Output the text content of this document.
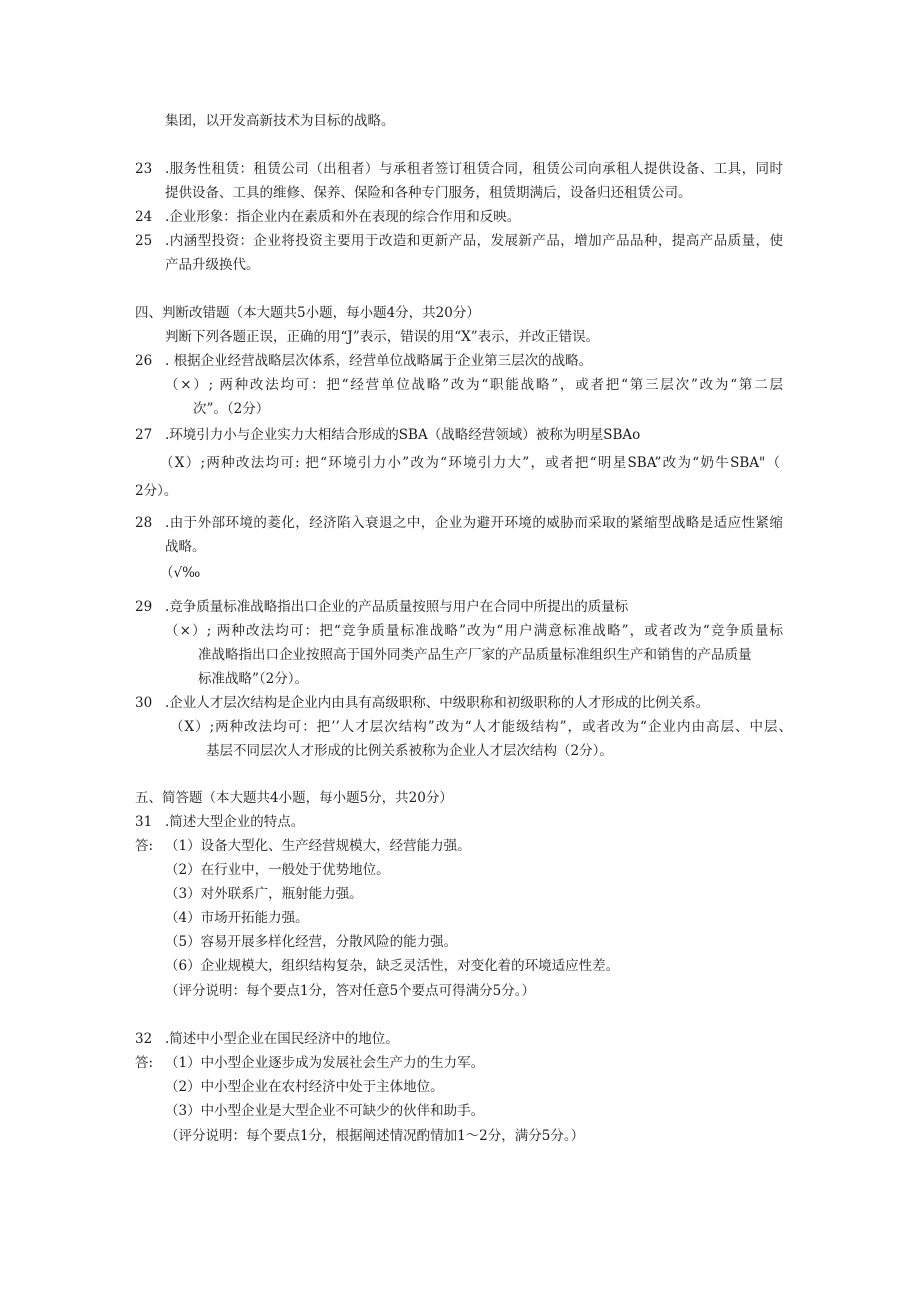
集团，以开发高新技术为目标的战略。
23 .服务性租赁：租赁公司（出租者）与承租者签订租赁合同，租赁公司向承租人提供设备、工具，同时
提供设备、工具的维修、保养、保险和各种专门服务，租赁期满后，设备归还租赁公司。
24 .企业形象：指企业内在素质和外在表现的综合作用和反映。
25 .内涵型投资：企业将投资主要用于改造和更新产品，发展新产品，增加产品品种，提高产品质量，使
产品升级换代。
四、判断改错题（本大题共5小题，每小题4分，共20分）
判断下列各题正误，正确的用“J”表示，错误的用“X”表示，并改正错误。
26 . 根据企业经营战略层次体系，经营单位战略属于企业第三层次的战略。
（×）; 两种改法均可：把“经营单位战略”改为“职能战略”，或者把“第三层次”改为“第二层
次”。（2分）
27 .环境引力小与企业实力大相结合形成的SBA（战略经营领域）被称为明星SBAo
（X）;两种改法均可: 把“环境引力小”改为“环境引力大”，或者把“明星SBA”改为“奶牛SBA"（
2分）。
28 .由于外部环境的菱化，经济陷入衰退之中，企业为避开环境的威胁而采取的紧缩型战略是适应性紧缩
战略。
（√‰
29 .竞争质量标准战略指出口企业的产品质量按照与用户在合同中所提出的质量标
（×）; 两种改法均可：把“竞争质量标准战略”改为“用户满意标准战略”，或者改为“竞争质量标
准战略指出口企业按照高于国外同类产品生产厂家的产品质量标准组织生产和销售的产品质量
标准战略”（2分）。
30 .企业人才层次结构是企业内由具有高级职称、中级职称和初级职称的人才形成的比例关系。
（X）;两种改法均可：把’’人才层次结构”改为“人才能级结构”，或者改为“企业内由高层、中层、
基层不同层次人才形成的比例关系被称为企业人才层次结构（2分）。
五、简答题（本大题共4小题，每小题5分，共20分）
31 .简述大型企业的特点。
答: （1）设备大型化、生产经营规模大，经营能力强。
（2）在行业中，一般处于优势地位。
（3）对外联系广，瓶射能力强。
（4）市场开拓能力强。
（5）容易开展多样化经营，分散风险的能力强。
（6）企业规模大，组织结构复杂，缺乏灵活性，对变化着的环境适应性差。
（评分说明：每个要点1分，答对任意5个要点可得满分5分。）
32 .简述中小型企业在国民经济中的地位。
答: （1）中小型企业逐步成为发展社会生产力的生力军。
（2）中小型企业在农村经济中处于主体地位。
（3）中小型企业是大型企业不可缺少的伙伴和助手。
（评分说明：每个要点1分，根据阐述情况酌情加1～2分，满分5分。）
